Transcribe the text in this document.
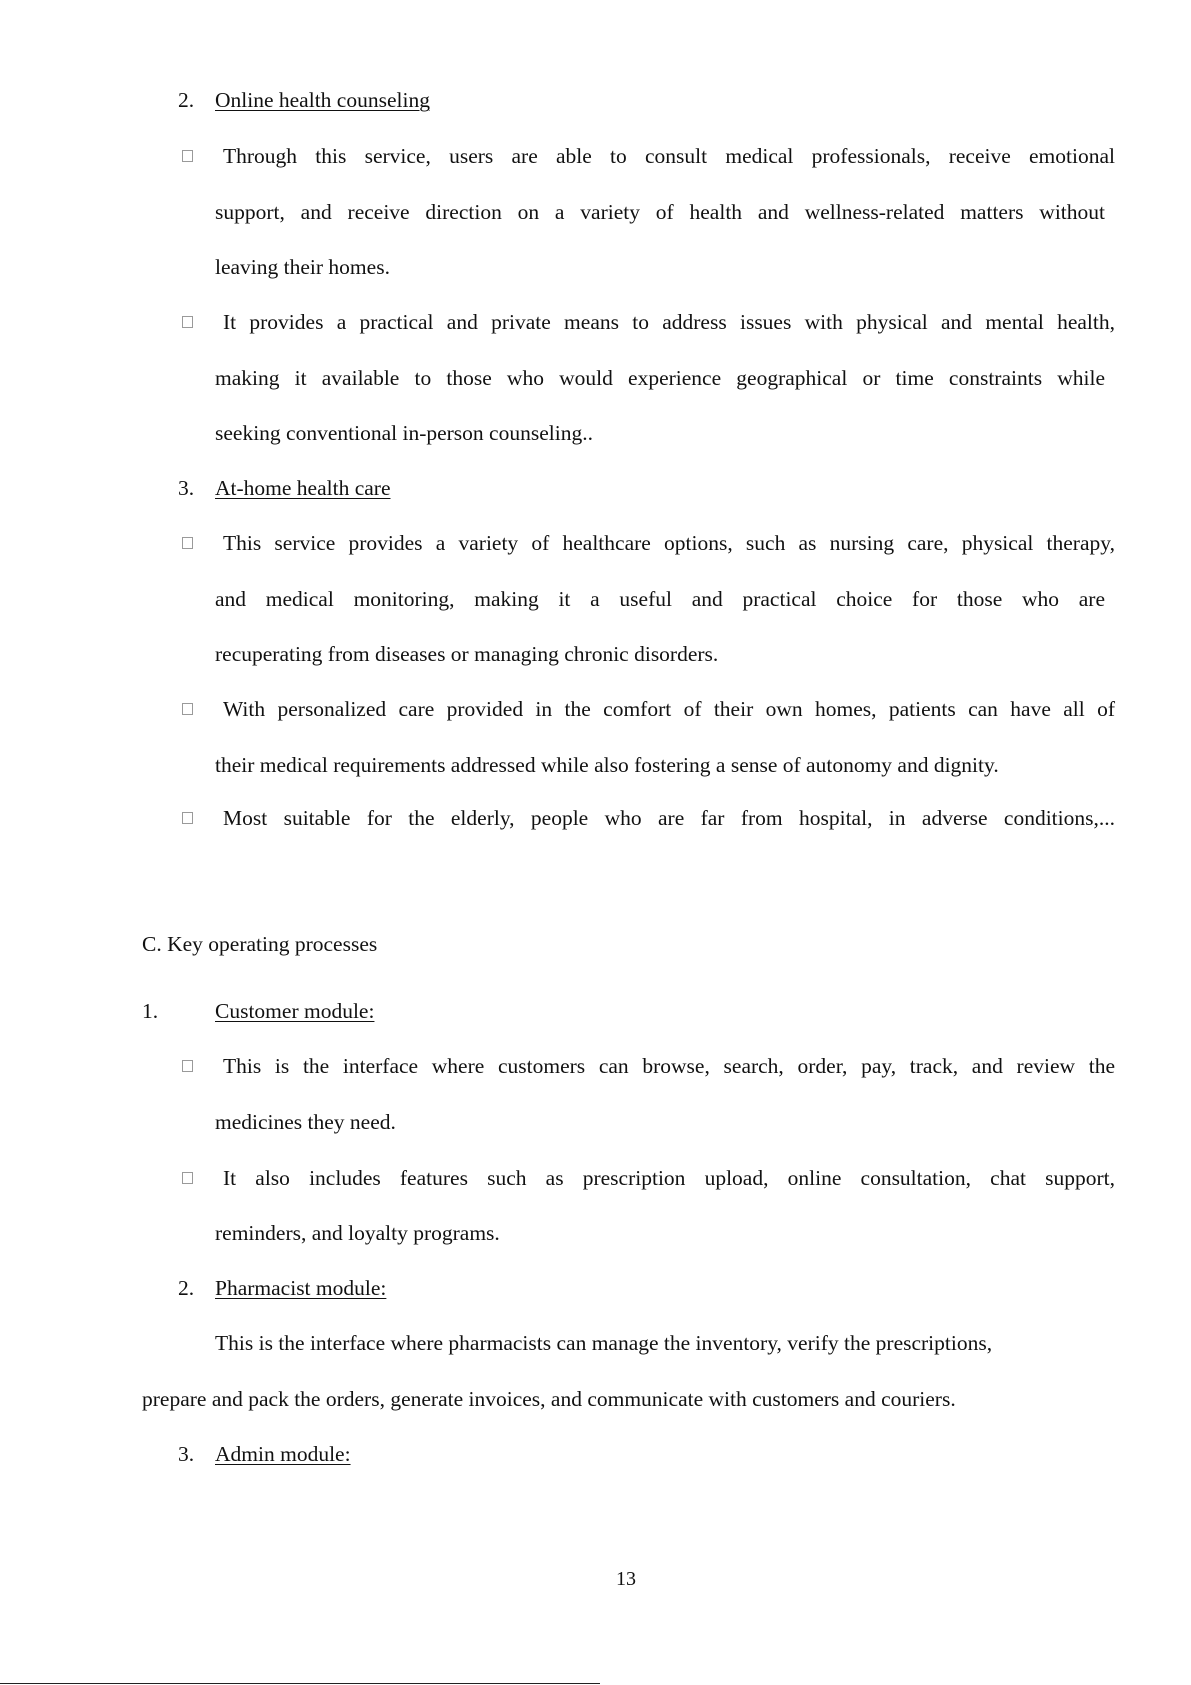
2. Online health counseling
Through this service, users are able to consult medical professionals, receive emotional
support, and receive direction on a variety of health and wellness-related matters without
leaving their homes.
It provides a practical and private means to address issues with physical and mental health,
making it available to those who would experience geographical or time constraints while
seeking conventional in-person counseling..
3. At-home health care
This service provides a variety of healthcare options, such as nursing care, physical therapy,
and medical monitoring, making it a useful and practical choice for those who are
recuperating from diseases or managing chronic disorders.
With personalized care provided in the comfort of their own homes, patients can have all of
their medical requirements addressed while also fostering a sense of autonomy and dignity.
Most suitable for the elderly, people who are far from hospital, in adverse conditions,...
C. Key operating processes
1.	Customer module:
This is the interface where customers can browse, search, order, pay, track, and review the
medicines they need.
It also includes features such as prescription upload, online consultation, chat support,
reminders, and loyalty programs.
2. Pharmacist module:
This is the interface where pharmacists can manage the inventory, verify the prescriptions,
prepare and pack the orders, generate invoices, and communicate with customers and couriers.
3. Admin module:
13
